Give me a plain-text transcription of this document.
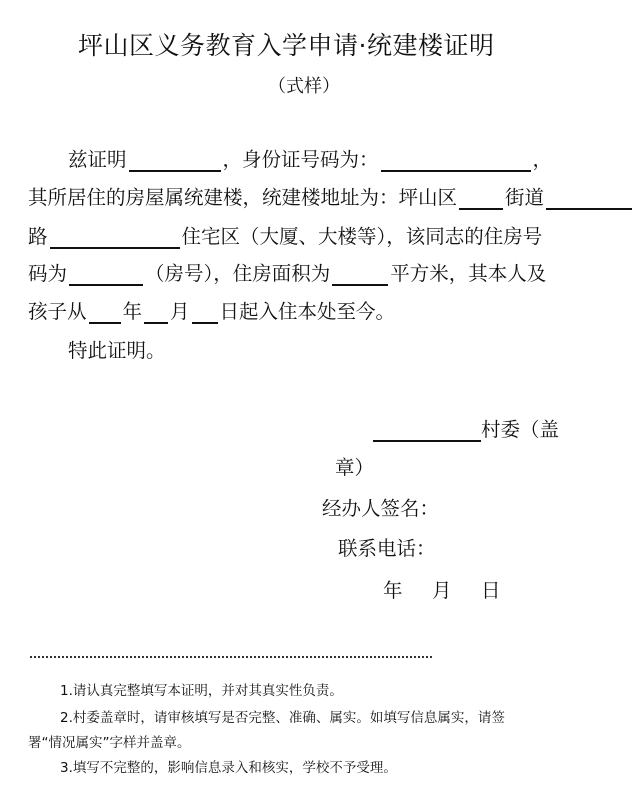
坪山区义务教育入学申请·统建楼证明
（式样）
兹证明	，身份证号码为：	，
其所居住的房屋属统建楼，统建楼地址为：坪山区 街道
路	住宅区（大厦、大楼等），该同志的住房号
码为	（房号），住房面积为	平方米，其本人及
孩子从 年 月 日起入住本处至今。
特此证明。
村委（盖
章）
经办人签名：
联系电话：
年 月 日
1.请认真完整填写本证明，并对其真实性负责。
2.村委盖章时，请审核填写是否完整、准确、属实。如填写信息属实，请签
署“情况属实”字样并盖章。
3.填写不完整的，影响信息录入和核实，学校不予受理。
